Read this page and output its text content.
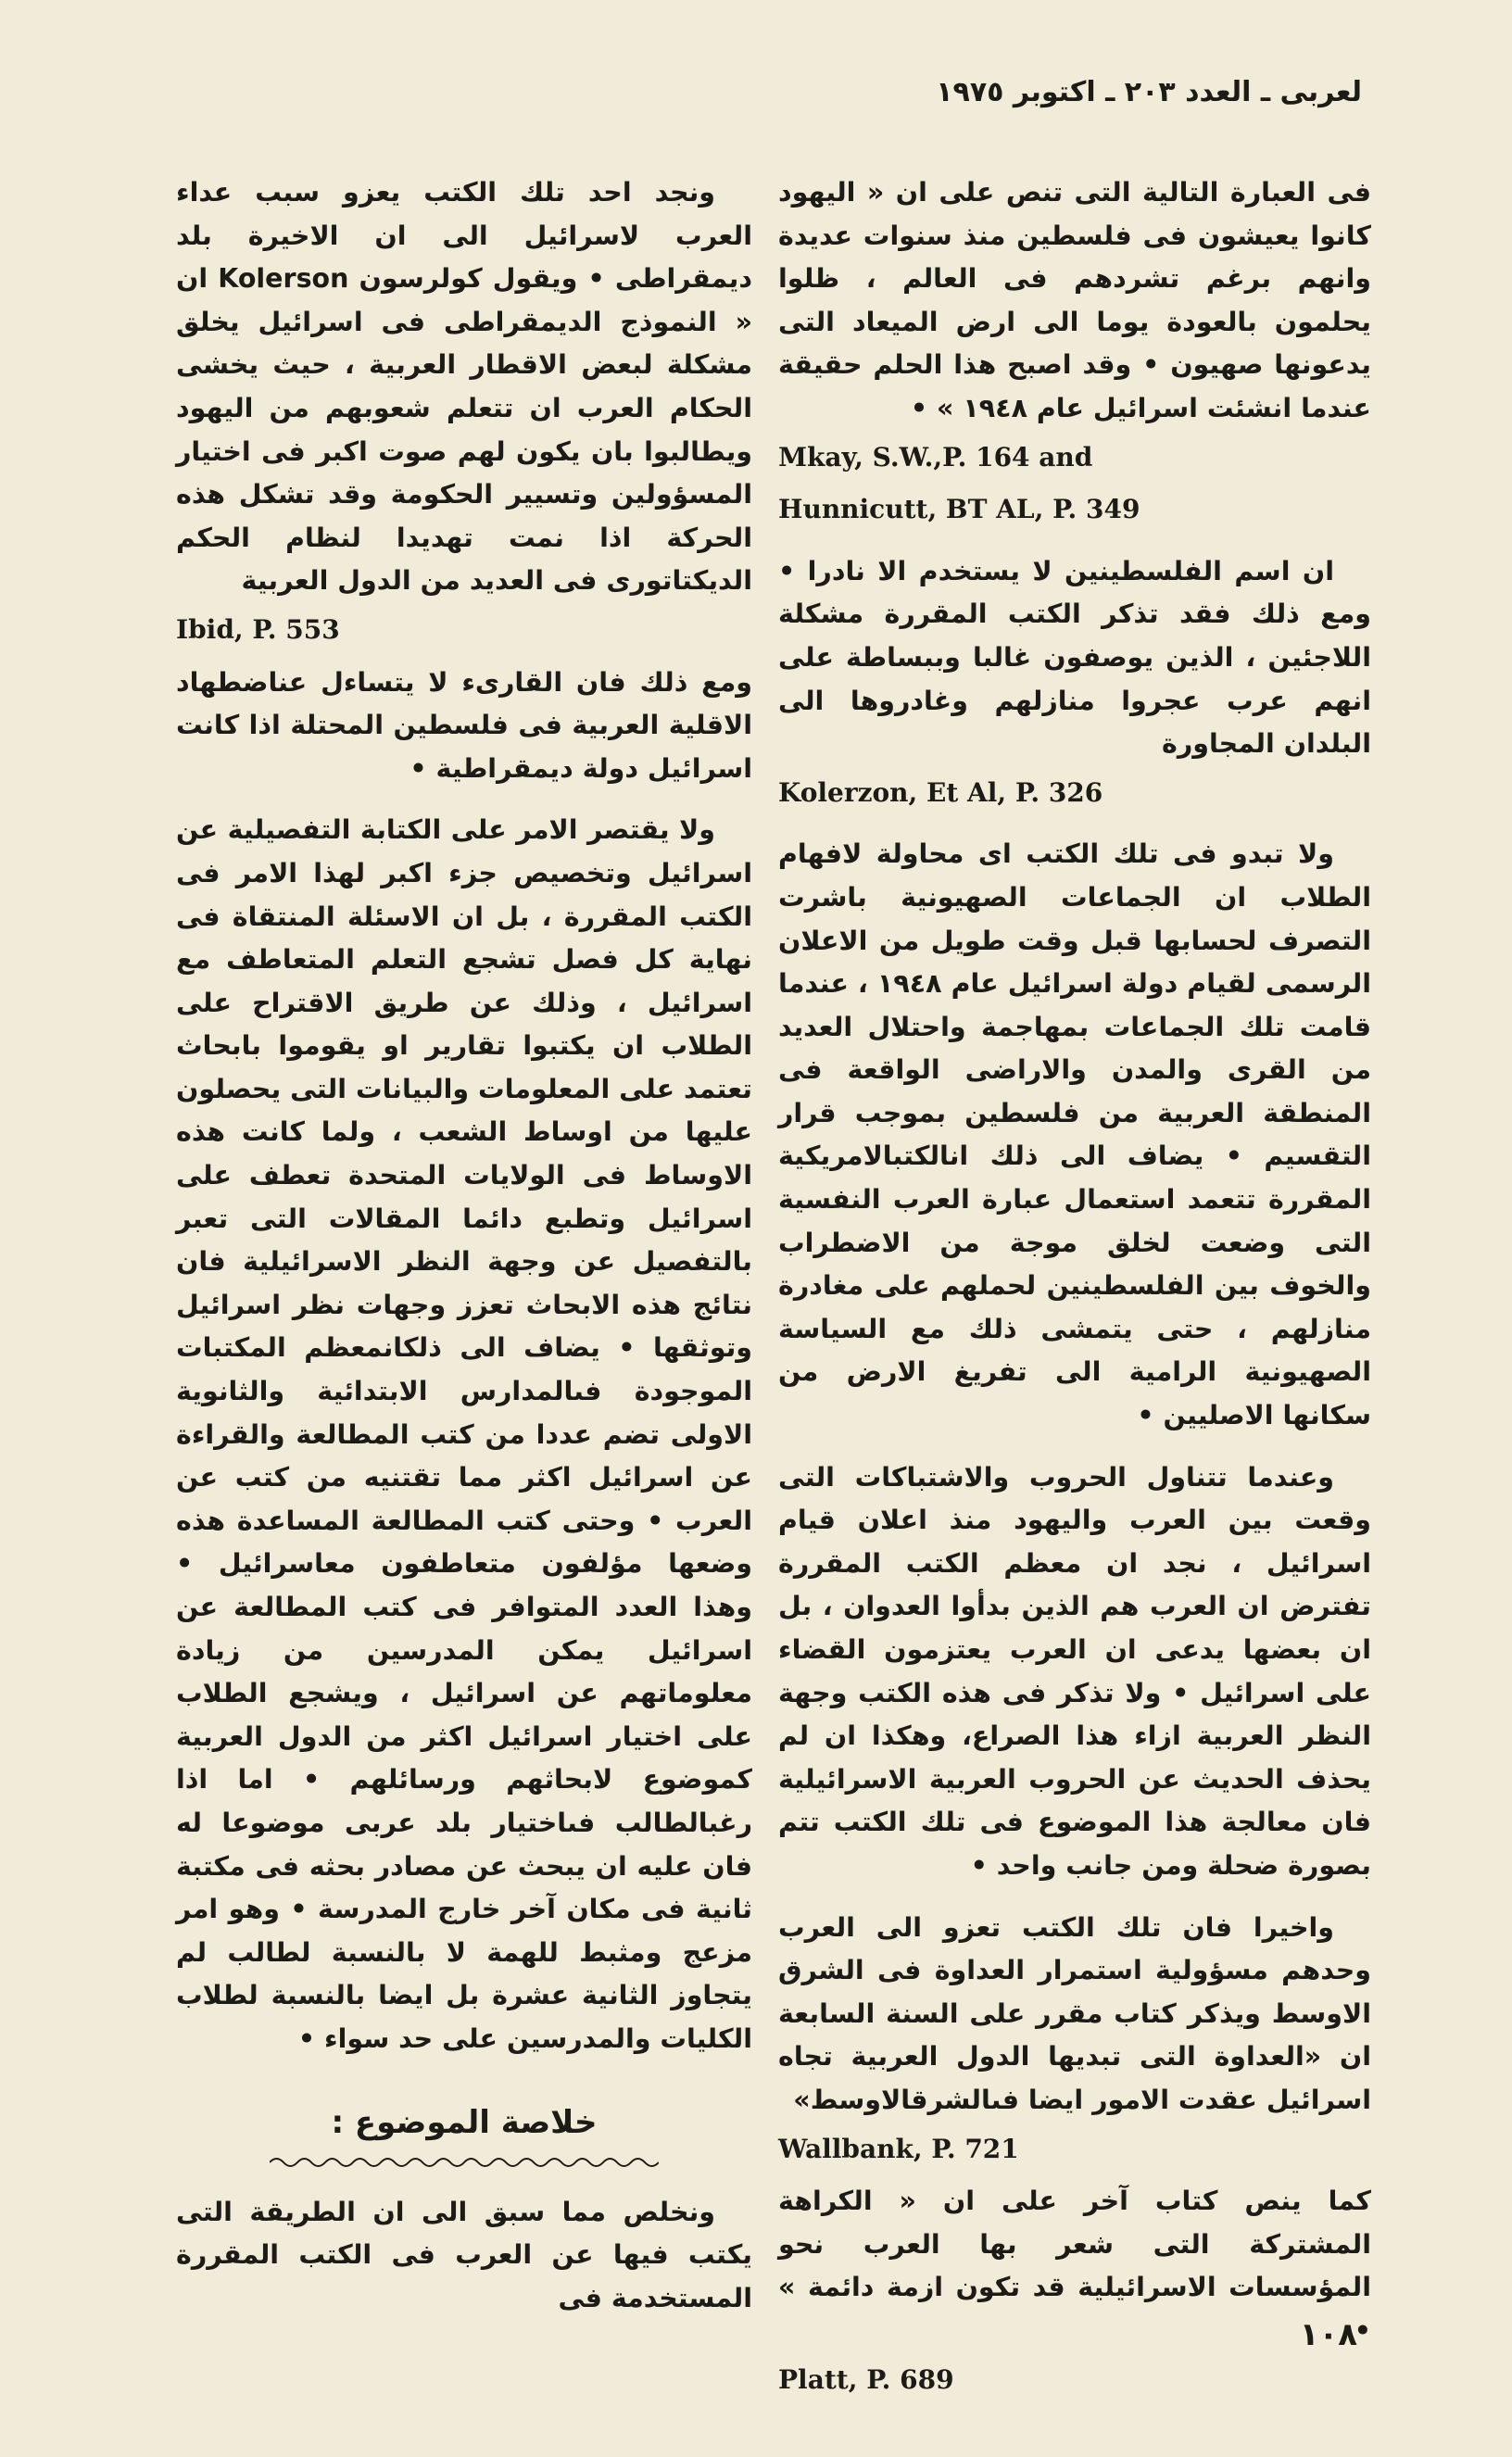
لعربى ـ العدد ٢٠٣ ـ اكتوبر ١٩٧٥
فى العبارة التالية التى تنص على ان « اليهود كانوا يعيشون فى فلسطين منذ سنوات عديدة وانهم برغم تشردهم فى العالم ، ظلوا يحلمون بالعودة يوما الى ارض الميعاد التى يدعونها صهيون • وقد اصبح هذا الحلم حقيقة عندما انشئت اسرائيل عام ١٩٤٨ » •
Mkay, S.W.,P. 164 and
Hunnicutt, BT AL, P. 349
ان اسم الفلسطينين لا يستخدم الا نادرا • ومع ذلك فقد تذكر الكتب المقررة مشكلة اللاجئين ، الذين يوصفون غالبا وببساطة على انهم عرب عجروا منازلهم وغادروها الى البلدان المجاورة
Kolerzon, Et Al, P. 326
ولا تبدو فى تلك الكتب اى محاولة لافهام الطلاب ان الجماعات الصهيونية باشرت التصرف لحسابها قبل وقت طويل من الاعلان الرسمى لقيام دولة اسرائيل عام ١٩٤٨ ، عندما قامت تلك الجماعات بمهاجمة واحتلال العديد من القرى والمدن والاراضى الواقعة فى المنطقة العربية من فلسطين بموجب قرار التقسيم • يضاف الى ذلك انالكتبالامريكية المقررة تتعمد استعمال عبارة العرب النفسية التى وضعت لخلق موجة من الاضطراب والخوف بين الفلسطينين لحملهم على مغادرة منازلهم ، حتى يتمشى ذلك مع السياسة الصهيونية الرامية الى تفريغ الارض من سكانها الاصليين •
وعندما تتناول الحروب والاشتباكات التى وقعت بين العرب واليهود منذ اعلان قيام اسرائيل ، نجد ان معظم الكتب المقررة تفترض ان العرب هم الذين بدأوا العدوان ، بل ان بعضها يدعى ان العرب يعتزمون القضاء على اسرائيل • ولا تذكر فى هذه الكتب وجهة النظر العربية ازاء هذا الصراع، وهكذا ان لم يحذف الحديث عن الحروب العربية الاسرائيلية فان معالجة هذا الموضوع فى تلك الكتب تتم بصورة ضحلة ومن جانب واحد •
واخيرا فان تلك الكتب تعزو الى العرب وحدهم مسؤولية استمرار العداوة فى الشرق الاوسط ويذكر كتاب مقرر على السنة السابعة ان «العداوة التى تبديها الدول العربية تجاه اسرائيل عقدت الامور ايضا فىالشرقالاوسط»
Wallbank, P. 721
كما ينص كتاب آخر على ان « الكراهة المشتركة التى شعر بها العرب نحو المؤسسات الاسرائيلية قد تكون ازمة دائمة » •
Platt, P. 689
ونجد احد تلك الكتب يعزو سبب عداء العرب لاسرائيل الى ان الاخيرة بلد ديمقراطى • ويقول كولرسون Kolerson ان « النموذج الديمقراطى فى اسرائيل يخلق مشكلة لبعض الاقطار العربية ، حيث يخشى الحكام العرب ان تتعلم شعوبهم من اليهود ويطالبوا بان يكون لهم صوت اكبر فى اختيار المسؤولين وتسيير الحكومة وقد تشكل هذه الحركة اذا نمت تهديدا لنظام الحكم الديكتاتورى فى العديد من الدول العربية
Ibid, P. 553
ومع ذلك فان القارىء لا يتساءل عناضطهاد الاقلية العربية فى فلسطين المحتلة اذا كانت اسرائيل دولة ديمقراطية •
ولا يقتصر الامر على الكتابة التفصيلية عن اسرائيل وتخصيص جزء اكبر لهذا الامر فى الكتب المقررة ، بل ان الاسئلة المنتقاة فى نهاية كل فصل تشجع التعلم المتعاطف مع اسرائيل ، وذلك عن طريق الاقتراح على الطلاب ان يكتبوا تقارير او يقوموا بابحاث تعتمد على المعلومات والبيانات التى يحصلون عليها من اوساط الشعب ، ولما كانت هذه الاوساط فى الولايات المتحدة تعطف على اسرائيل وتطبع دائما المقالات التى تعبر بالتفصيل عن وجهة النظر الاسرائيلية فان نتائج هذه الابحاث تعزز وجهات نظر اسرائيل وتوثقها • يضاف الى ذلكانمعظم المكتبات الموجودة فىالمدارس الابتدائية والثانوية الاولى تضم عددا من كتب المطالعة والقراءة عن اسرائيل اكثر مما تقتنيه من كتب عن العرب • وحتى كتب المطالعة المساعدة هذه وضعها مؤلفون متعاطفون معاسرائيل • وهذا العدد المتوافر فى كتب المطالعة عن اسرائيل يمكن المدرسين من زيادة معلوماتهم عن اسرائيل ، ويشجع الطلاب على اختيار اسرائيل اكثر من الدول العربية كموضوع لابحاثهم ورسائلهم • اما اذا رغبالطالب فىاختيار بلد عربى موضوعا له فان عليه ان يبحث عن مصادر بحثه فى مكتبة ثانية فى مكان آخر خارج المدرسة • وهو امر مزعج ومثبط للهمة لا بالنسبة لطالب لم يتجاوز الثانية عشرة بل ايضا بالنسبة لطلاب الكليات والمدرسين على حد سواء •
خلاصة الموضوع :
ونخلص مما سبق الى ان الطريقة التى يكتب فيها عن العرب فى الكتب المقررة المستخدمة فى
١٠٨
